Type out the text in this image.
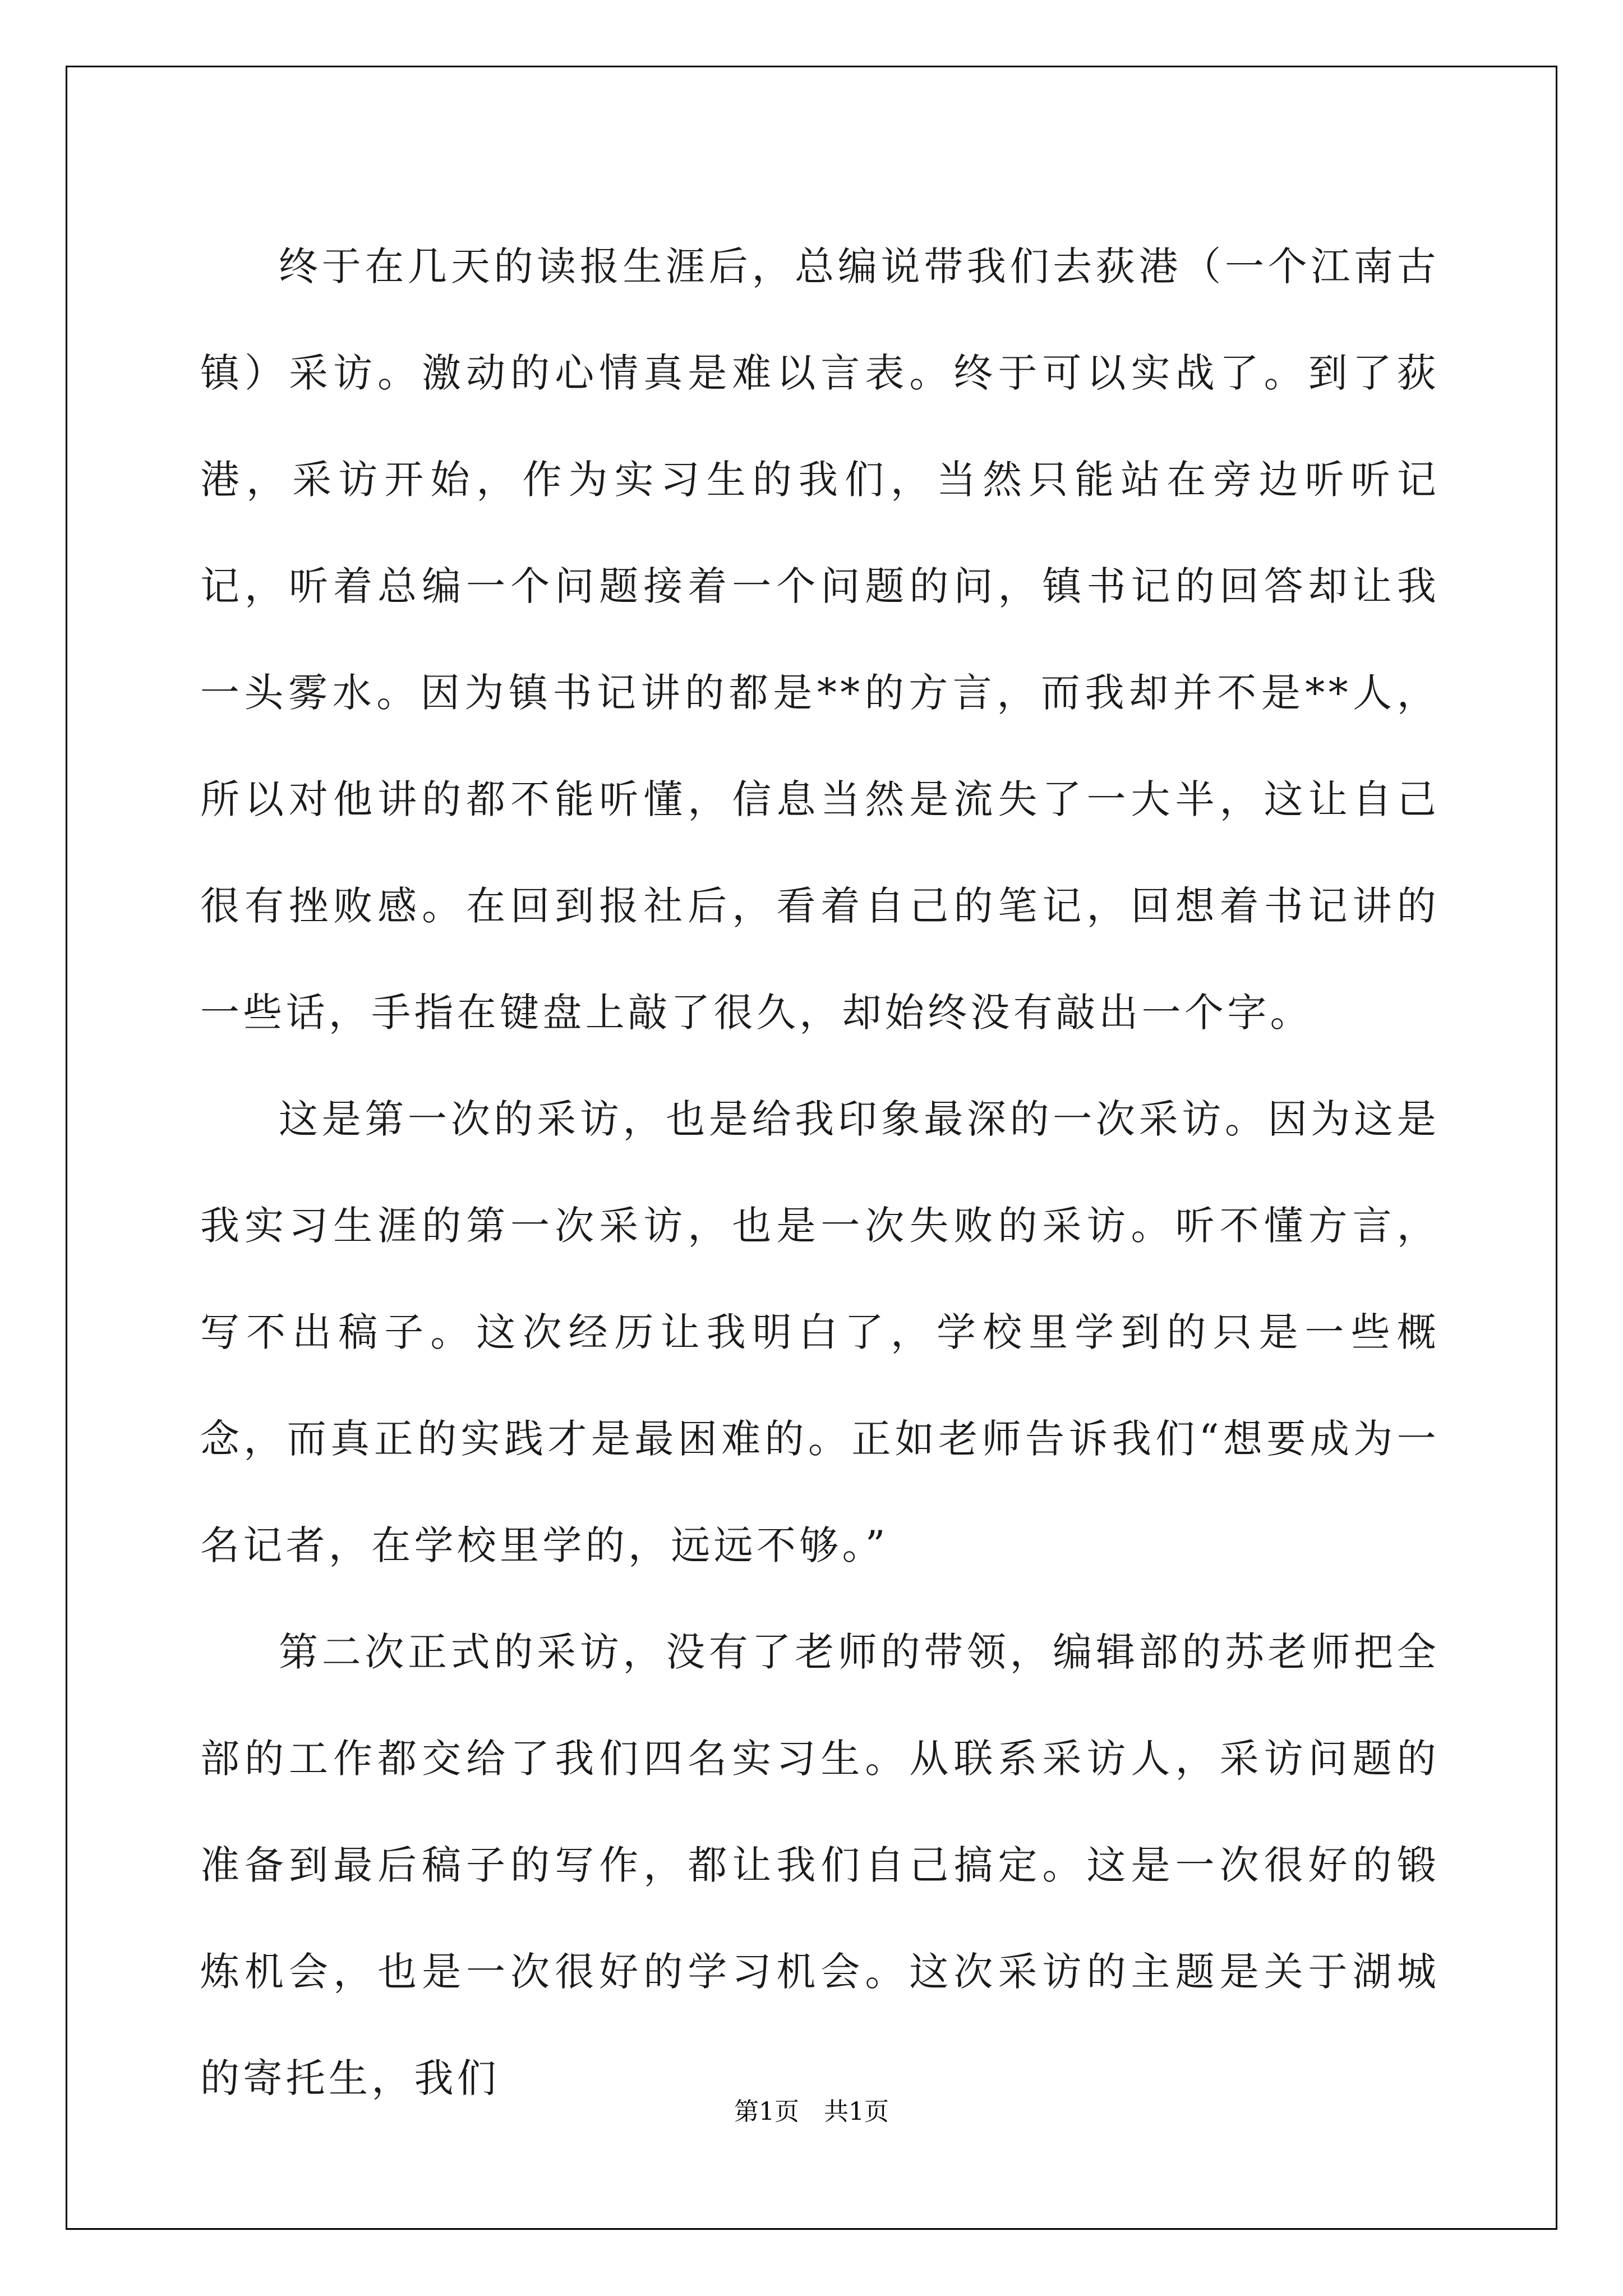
终于在几天的读报生涯后，总编说带我们去荻港（一个江南古镇）采访。激动的心情真是难以言表。终于可以实战了。到了荻港，采访开始，作为实习生的我们，当然只能站在旁边听听记记，听着总编一个问题接着一个问题的问，镇书记的回答却让我一头雾水。因为镇书记讲的都是**的方言，而我却并不是**人，所以对他讲的都不能听懂，信息当然是流失了一大半，这让自己很有挫败感。在回到报社后，看着自己的笔记，回想着书记讲的一些话，手指在键盘上敲了很久，却始终没有敲出一个字。

这是第一次的采访，也是给我印象最深的一次采访。因为这是我实习生涯的第一次采访，也是一次失败的采访。听不懂方言，写不出稿子。这次经历让我明白了，学校里学到的只是一些概念，而真正的实践才是最困难的。正如老师告诉我们“想要成为一名记者，在学校里学的，远远不够。”

第二次正式的采访，没有了老师的带领，编辑部的苏老师把全部的工作都交给了我们四名实习生。从联系采访人，采访问题的准备到最后稿子的写作，都让我们自己搞定。这是一次很好的锻炼机会，也是一次很好的学习机会。这次采访的主题是关于湖城的寄托生，我们

第1页　共1页
